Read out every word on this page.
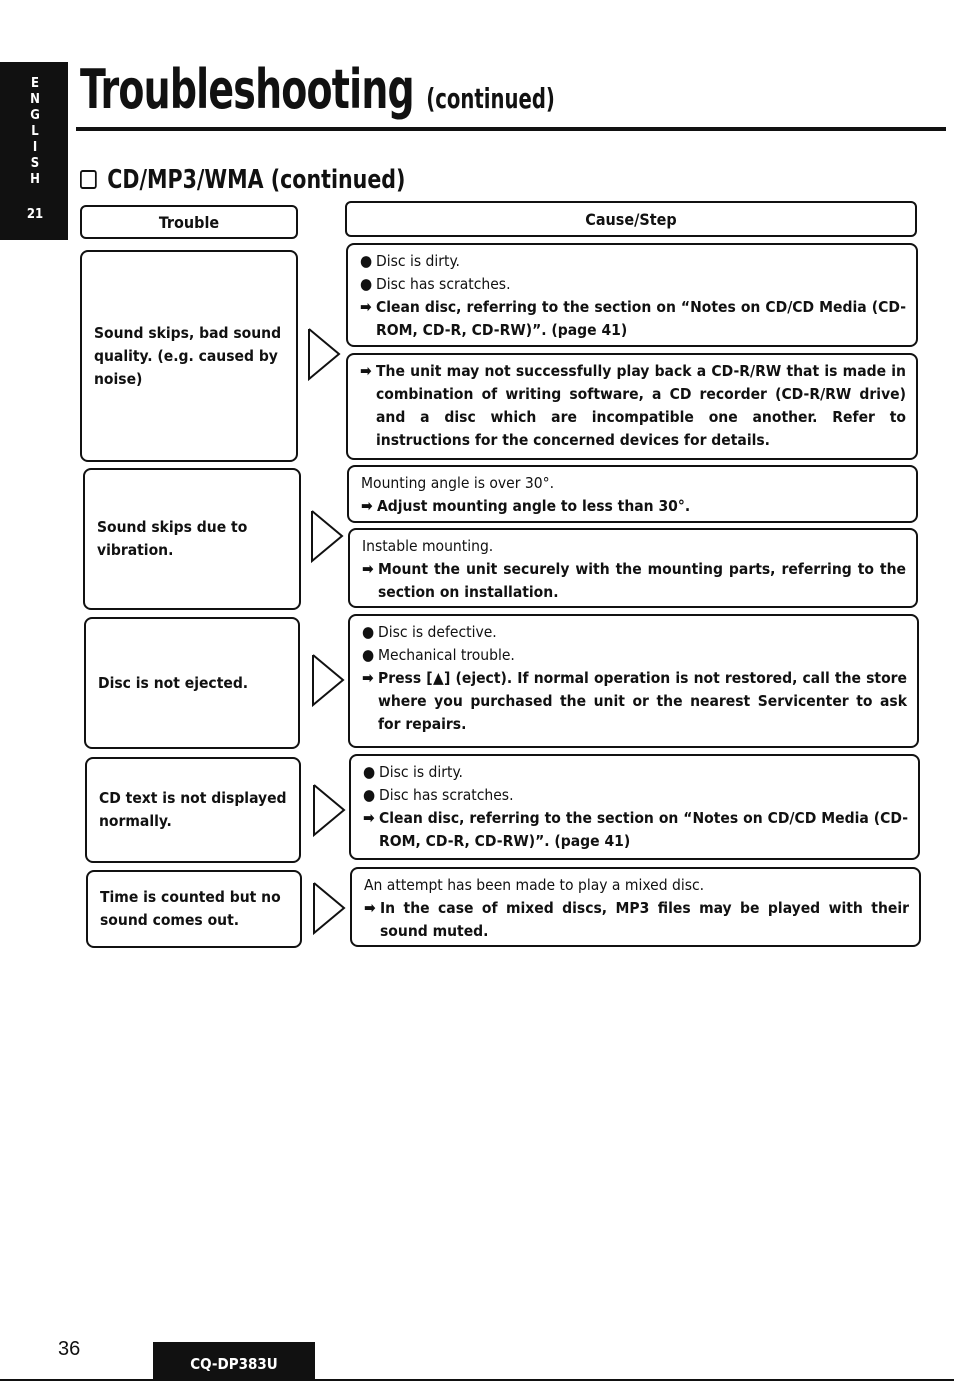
E
N
G
L
I
S
H
21
Troubleshooting (continued)
CD/MP3/WMA (continued)
Trouble	Cause/Step
Sound skips, bad sound quality. (e.g. caused by noise)
● Disc is dirty.
● Disc has scratches.
➡ Clean disc, referring to the section on “Notes on CD/CD Media (CD-ROM, CD-R, CD-RW)”. (page 41)
➡ The unit may not successfully play back a CD-R/RW that is made in combination of writing software, a CD recorder (CD-R/RW drive) and a disc which are incompatible one another. Refer to instructions for the concerned devices for details.
Sound skips due to vibration.
Mounting angle is over 30°.
➡ Adjust mounting angle to less than 30°.
Instable mounting.
➡ Mount the unit securely with the mounting parts, referring to the section on installation.
Disc is not ejected.
● Disc is defective.
● Mechanical trouble.
➡ Press [▲] (eject). If normal operation is not restored, call the store where you purchased the unit or the nearest Servicenter to ask for repairs.
CD text is not displayed normally.
● Disc is dirty.
● Disc has scratches.
➡ Clean disc, referring to the section on “Notes on CD/CD Media (CD-ROM, CD-R, CD-RW)”. (page 41)
Time is counted but no sound comes out.
An attempt has been made to play a mixed disc.
➡ In the case of mixed discs, MP3 files may be played with their sound muted.
36
CQ-DP383U
